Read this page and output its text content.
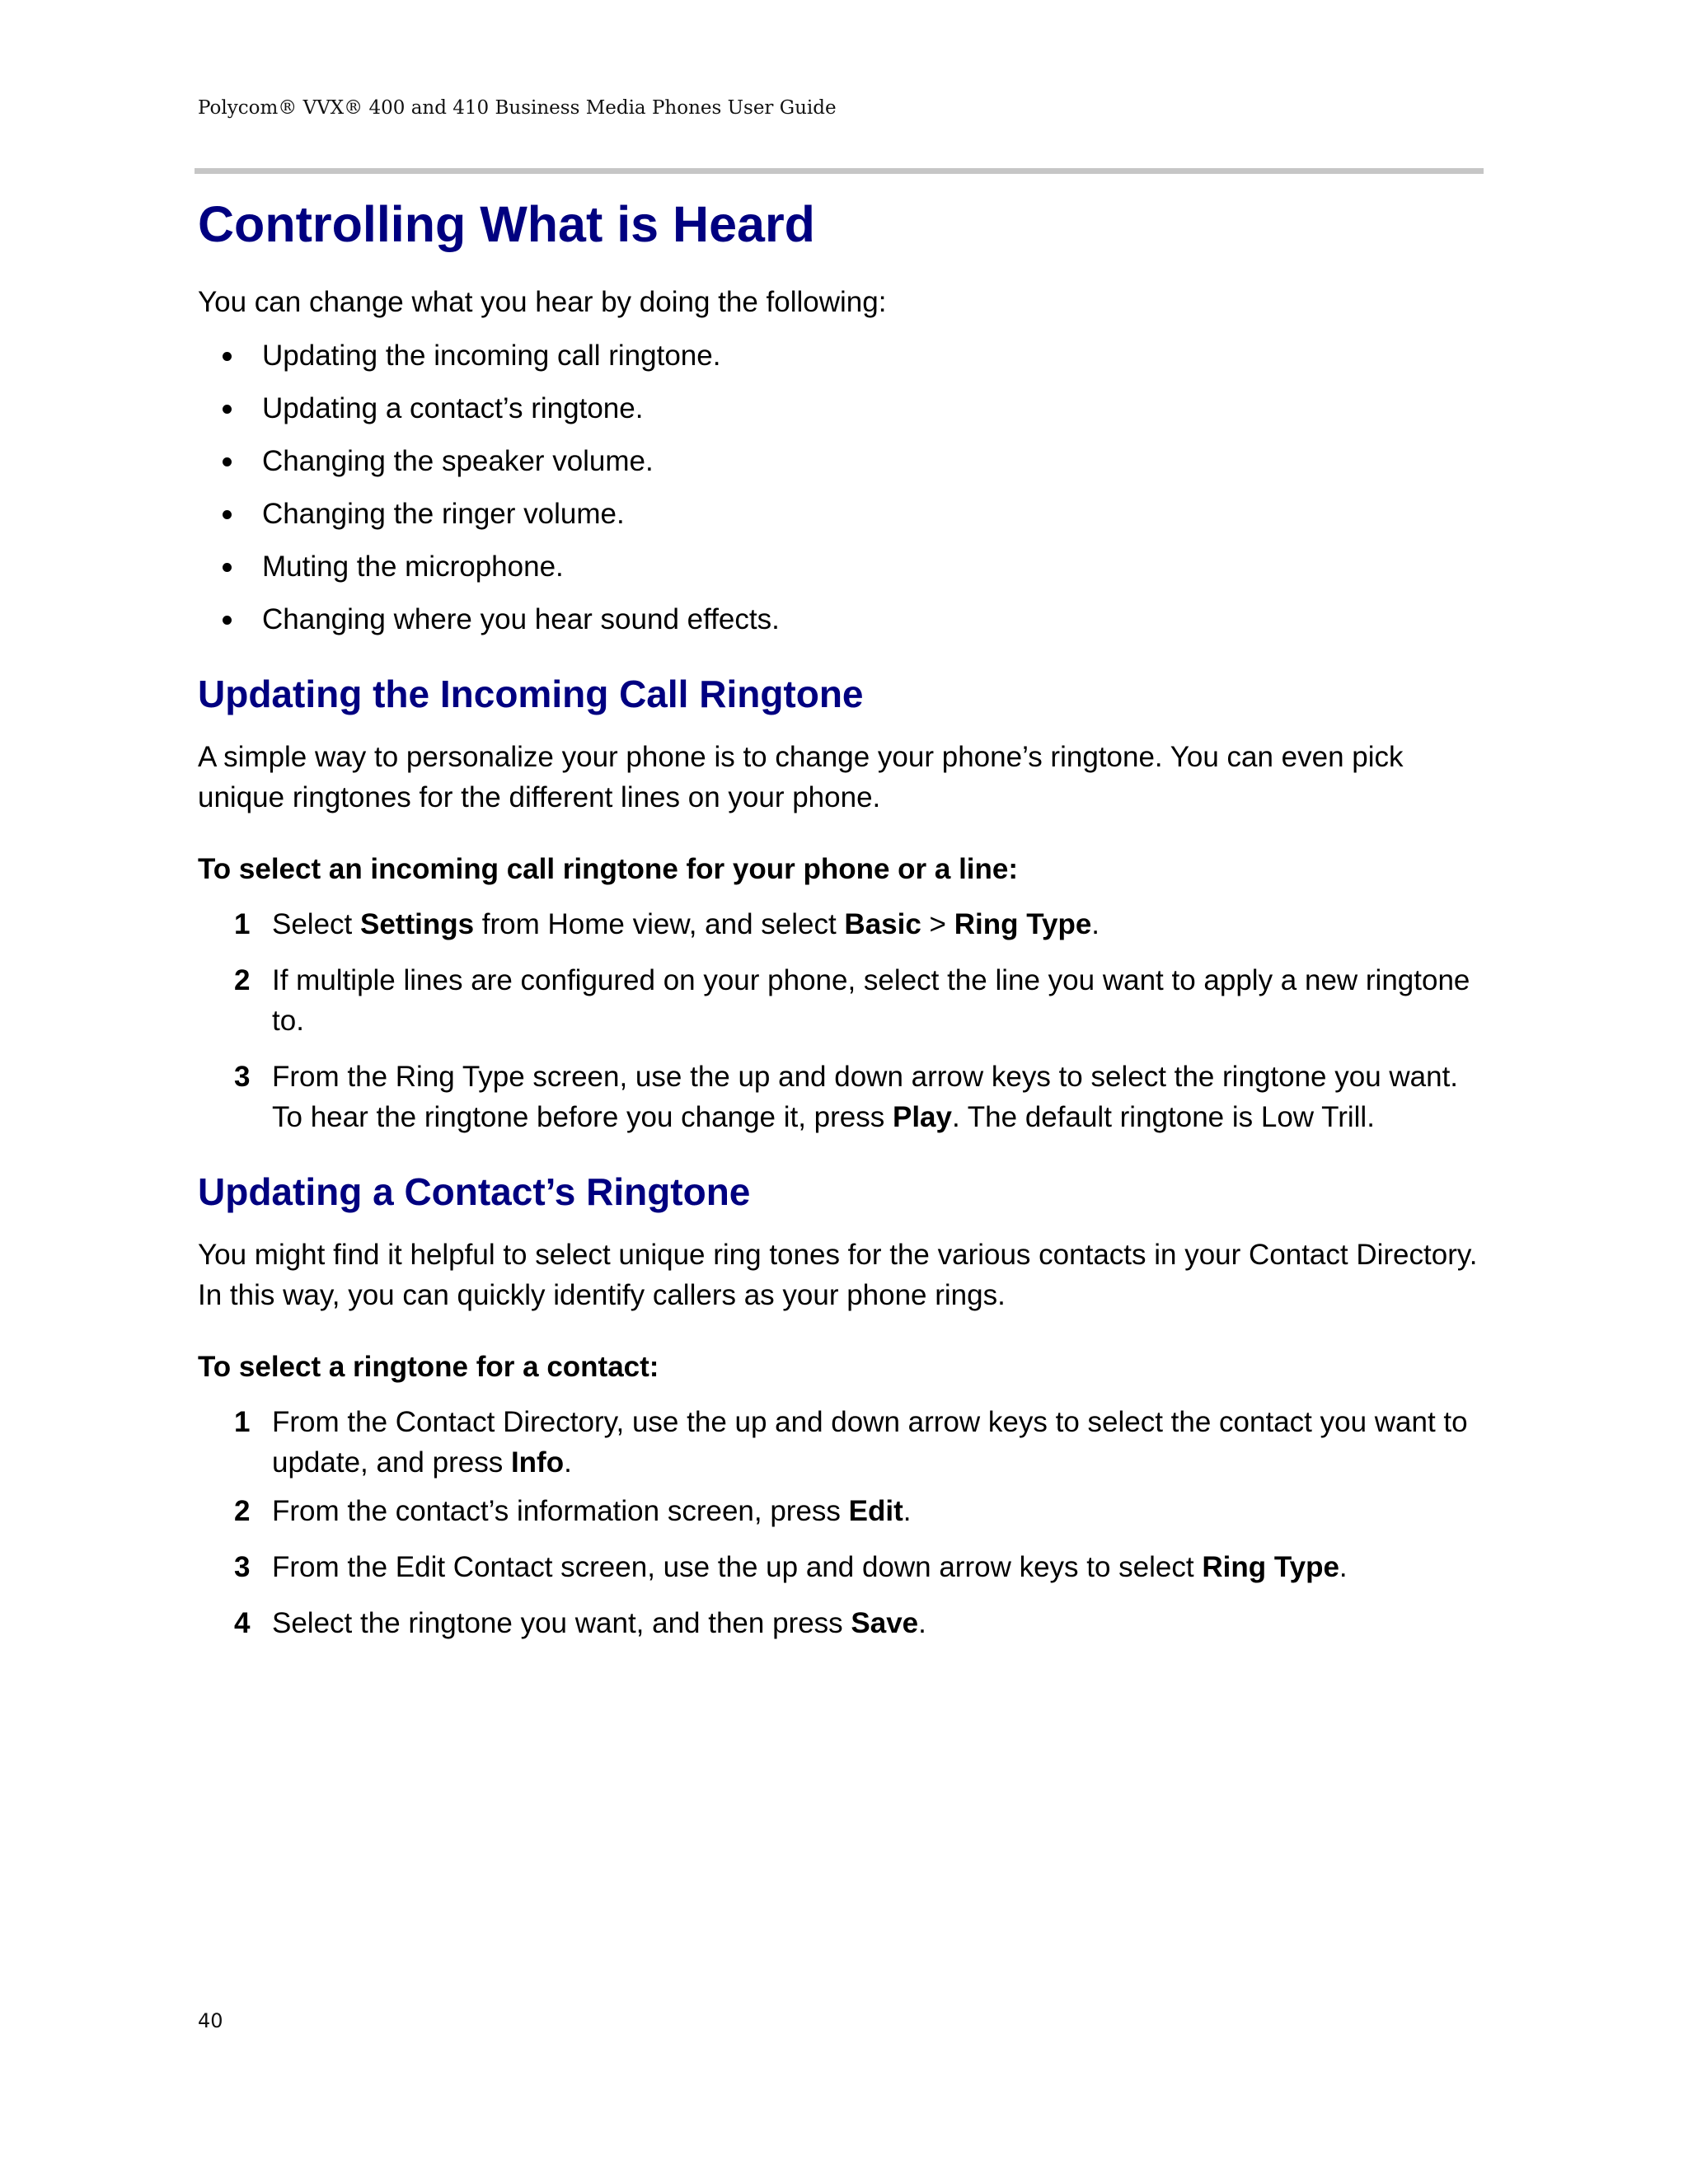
Polycom® VVX® 400 and 410 Business Media Phones User Guide
Controlling What is Heard

You can change what you hear by doing the following:

Updating the incoming call ringtone.
Updating a contact’s ringtone.
Changing the speaker volume.
Changing the ringer volume.
Muting the microphone.
Changing where you hear sound effects.
Updating the Incoming Call Ringtone

A simple way to personalize your phone is to change your phone’s ringtone. You can even pick unique ringtones for the different lines on your phone.

To select an incoming call ringtone for your phone or a line:
1 Select Settings from Home view, and select Basic > Ring Type.
2 If multiple lines are configured on your phone, select the line you want to apply a new ringtone to.
3 From the Ring Type screen, use the up and down arrow keys to select the ringtone you want. To hear the ringtone before you change it, press Play. The default ringtone is Low Trill.
Updating a Contact’s Ringtone

You might find it helpful to select unique ring tones for the various contacts in your Contact Directory. In this way, you can quickly identify callers as your phone rings.

To select a ringtone for a contact:
1 From the Contact Directory, use the up and down arrow keys to select the contact you want to update, and press Info.
2 From the contact’s information screen, press Edit.
3 From the Edit Contact screen, use the up and down arrow keys to select Ring Type.
4 Select the ringtone you want, and then press Save.
40
